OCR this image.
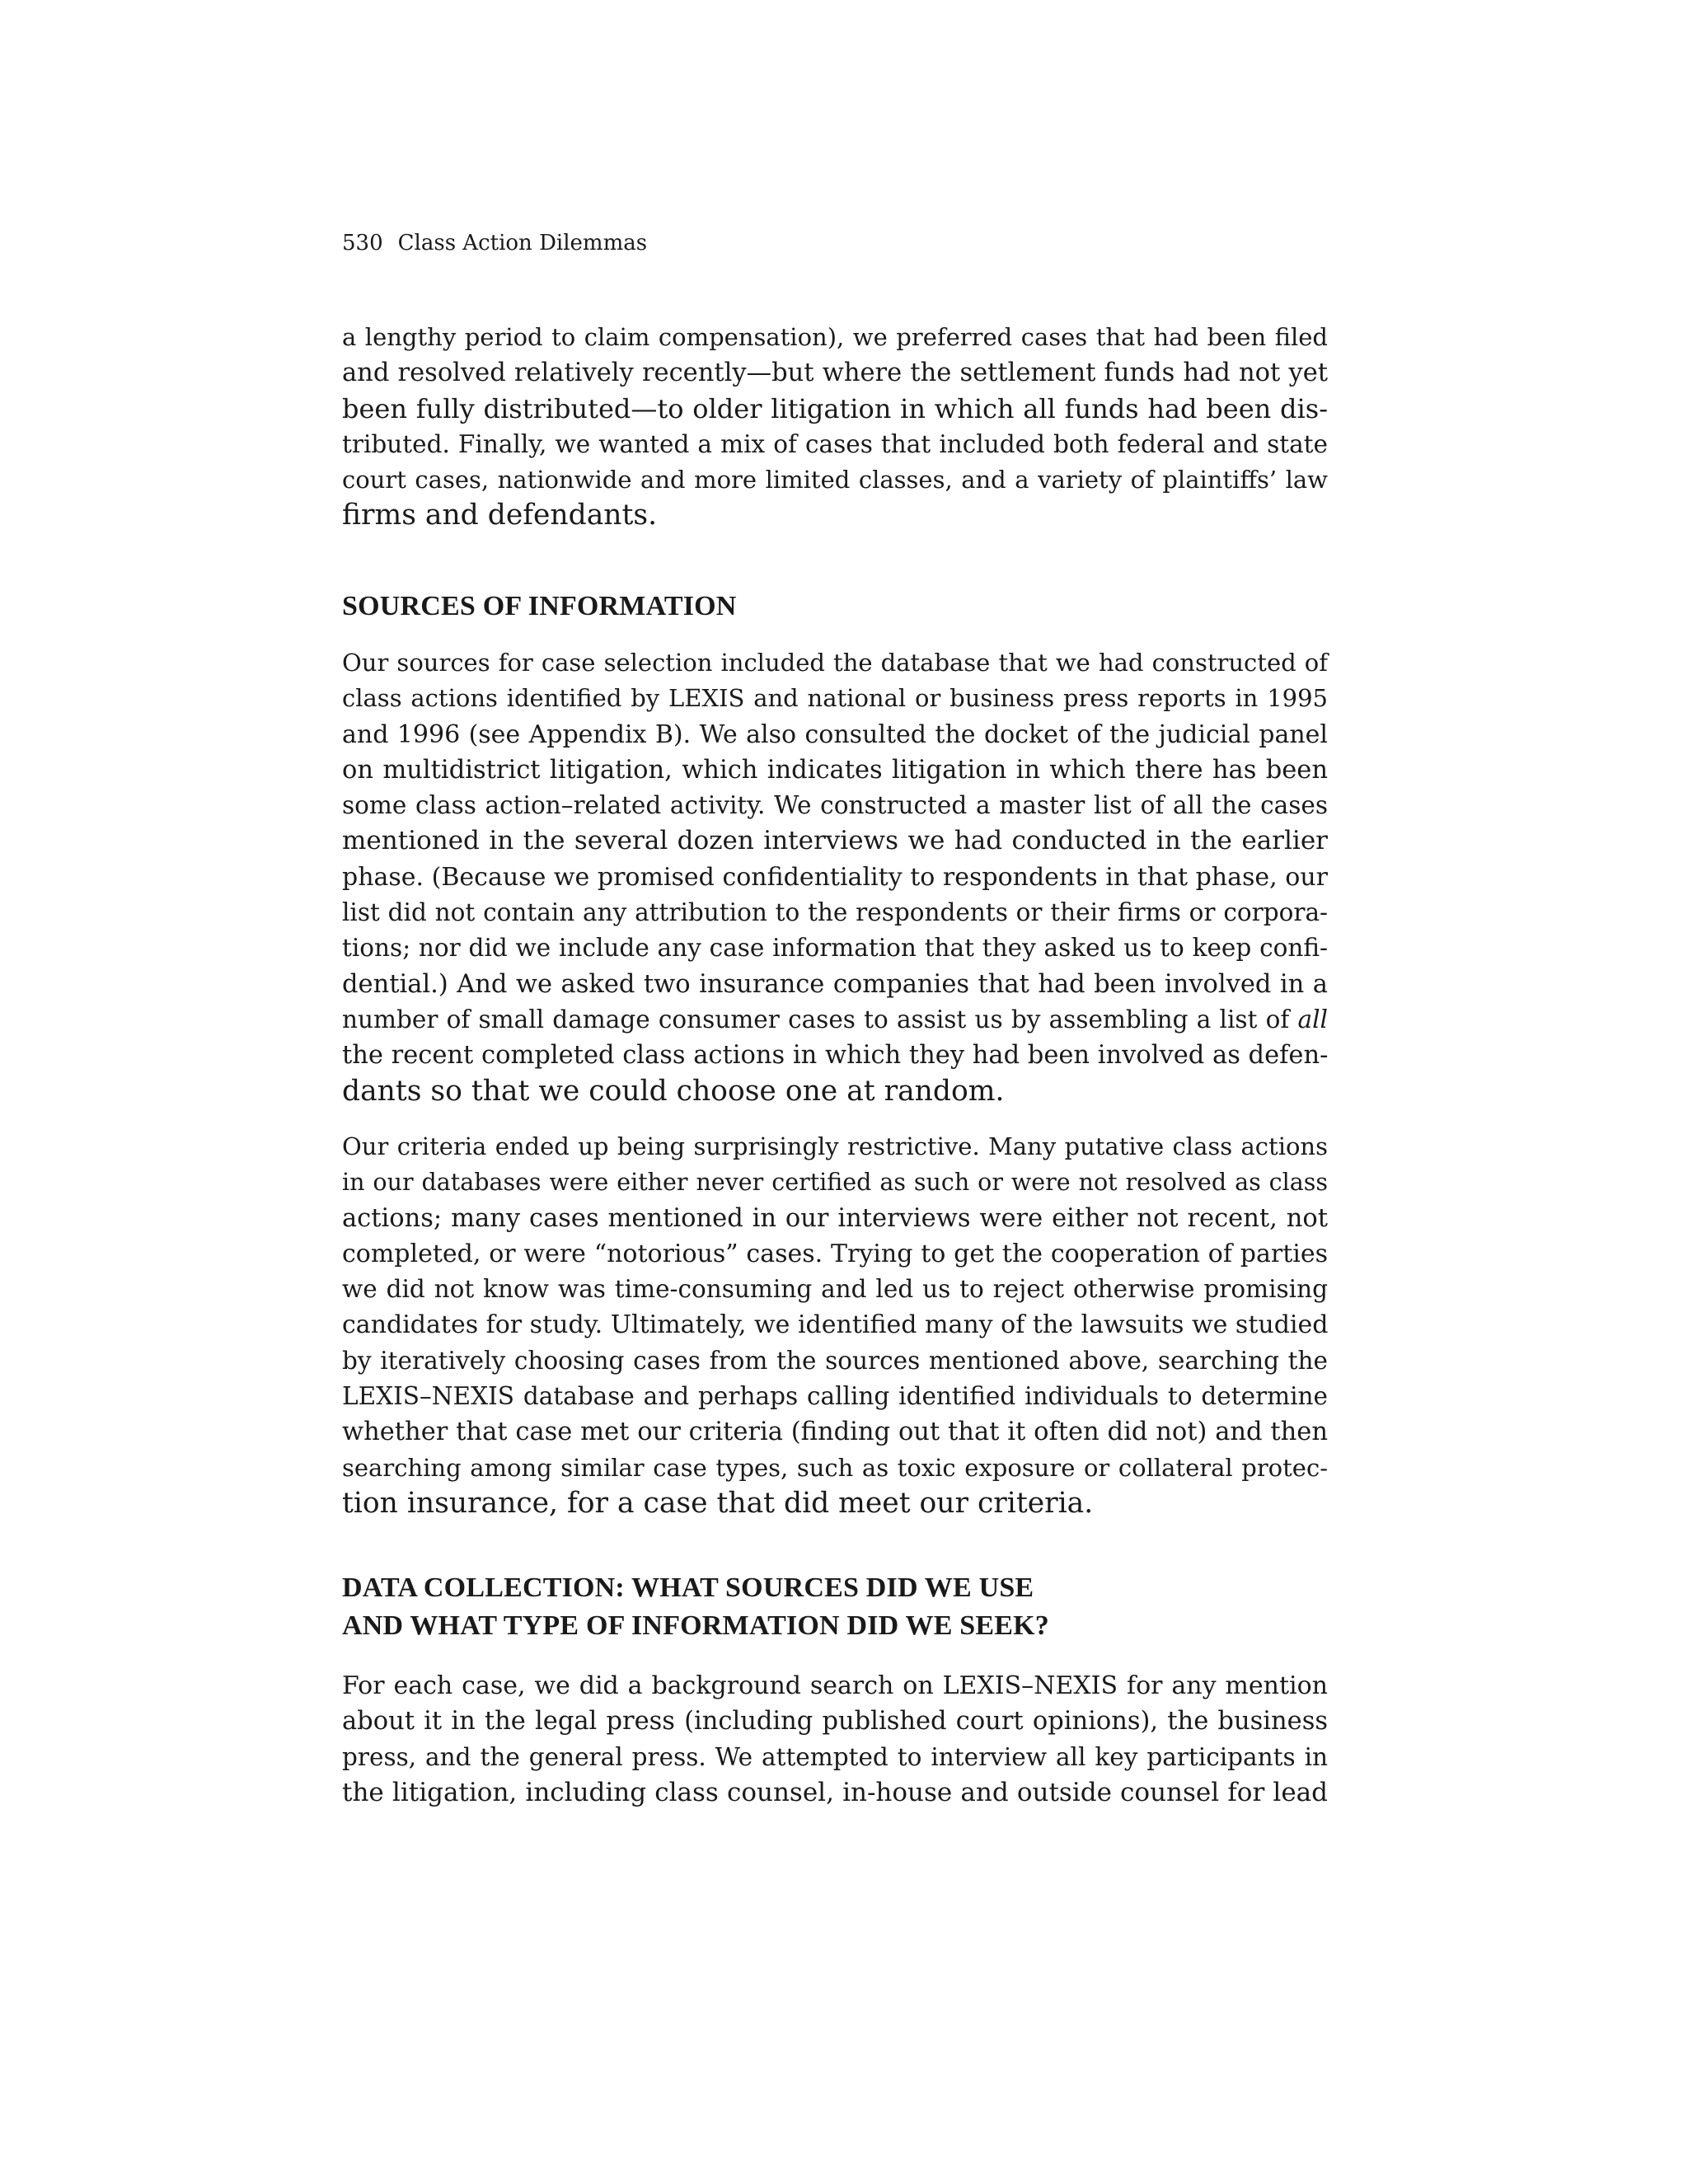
530 Class Action Dilemmas
a lengthy period to claim compensation), we preferred cases that had been filed
and resolved relatively recently—but where the settlement funds had not yet
been fully distributed—to older litigation in which all funds had been dis-
tributed. Finally, we wanted a mix of cases that included both federal and state
court cases, nationwide and more limited classes, and a variety of plaintiffs’ law
firms and defendants.
SOURCES OF INFORMATION
Our sources for case selection included the database that we had constructed of
class actions identified by LEXIS and national or business press reports in 1995
and 1996 (see Appendix B). We also consulted the docket of the judicial panel
on multidistrict litigation, which indicates litigation in which there has been
some class action–related activity. We constructed a master list of all the cases
mentioned in the several dozen interviews we had conducted in the earlier
phase. (Because we promised confidentiality to respondents in that phase, our
list did not contain any attribution to the respondents or their firms or corpora-
tions; nor did we include any case information that they asked us to keep confi-
dential.) And we asked two insurance companies that had been involved in a
number of small damage consumer cases to assist us by assembling a list of all
the recent completed class actions in which they had been involved as defen-
dants so that we could choose one at random.
Our criteria ended up being surprisingly restrictive. Many putative class actions
in our databases were either never certified as such or were not resolved as class
actions; many cases mentioned in our interviews were either not recent, not
completed, or were “notorious” cases. Trying to get the cooperation of parties
we did not know was time-consuming and led us to reject otherwise promising
candidates for study. Ultimately, we identified many of the lawsuits we studied
by iteratively choosing cases from the sources mentioned above, searching the
LEXIS–NEXIS database and perhaps calling identified individuals to determine
whether that case met our criteria (finding out that it often did not) and then
searching among similar case types, such as toxic exposure or collateral protec-
tion insurance, for a case that did meet our criteria.
DATA COLLECTION: WHAT SOURCES DID WE USE
AND WHAT TYPE OF INFORMATION DID WE SEEK?
For each case, we did a background search on LEXIS–NEXIS for any mention
about it in the legal press (including published court opinions), the business
press, and the general press. We attempted to interview all key participants in
the litigation, including class counsel, in-house and outside counsel for lead
